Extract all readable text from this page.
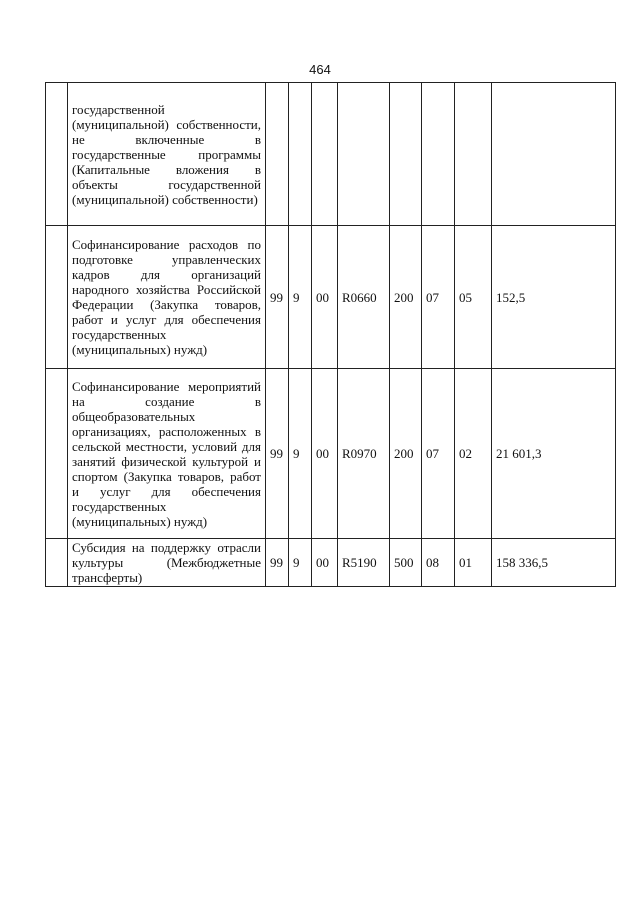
464

	государственной (муниципальной) собственности, не включенные в государственные программы (Капитальные вложения в объекты государственной (муниципальной) собственности)								

	Софинансирование расходов по подготовке управленческих кадров для организаций народного хозяйства Российской Федерации (Закупка товаров, работ и услуг для обеспечения государственных (муниципальных) нужд)	99	9	00	R0660	200	07	05	152,5

	Софинансирование мероприятий на создание в общеобразовательных организациях, расположенных в сельской местности, условий для занятий физической культурой и спортом (Закупка товаров, работ и услуг для обеспечения государственных (муниципальных) нужд)	99	9	00	R0970	200	07	02	21 601,3

	Субсидия на поддержку отрасли культуры (Межбюджетные трансферты)	99	9	00	R5190	500	08	01	158 336,5
